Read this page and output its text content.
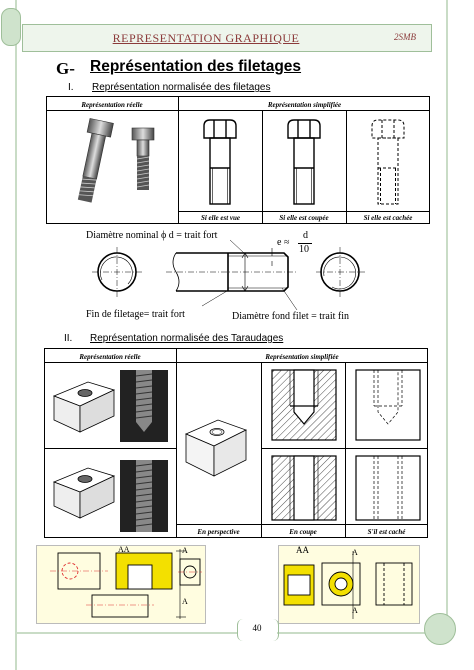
REPRESENTATION GRAPHIQUE	2SMB
G- Représentation des filetages
I. Représentation normalisée des filetages
Représentation réelle	Représentation simplifiée
Si elle est vue	Si elle est coupée	Si elle est cachée
Diamètre nominal ϕ d = trait fort
e ≈
d
10
Fin de filetage= trait fort	Diamètre fond filet = trait fin
II. Représentation normalisée des Taraudages
Représentation réelle	Représentation simplifiée
En perspective	En coupe	S'il est caché
AA	A
A
AA	A
A
40
